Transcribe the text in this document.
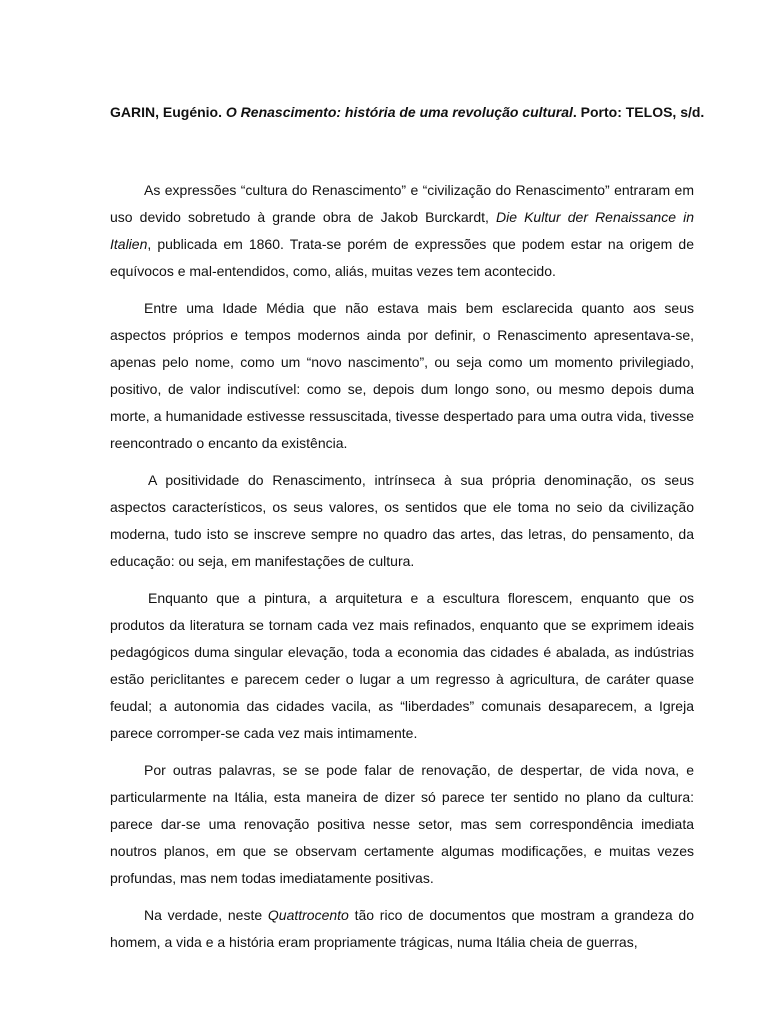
GARIN, Eugénio. O Renascimento: história de uma revolução cultural. Porto: TELOS, s/d.

As expressões “cultura do Renascimento” e “civilização do Renascimento” entraram em uso devido sobretudo à grande obra de Jakob Burckardt, Die Kultur der Renaissance in Italien, publicada em 1860. Trata-se porém de expressões que podem estar na origem de equívocos e mal-entendidos, como, aliás, muitas vezes tem acontecido.

Entre uma Idade Média que não estava mais bem esclarecida quanto aos seus aspectos próprios e tempos modernos ainda por definir, o Renascimento apresentava-se, apenas pelo nome, como um “novo nascimento”, ou seja como um momento privilegiado, positivo, de valor indiscutível: como se, depois dum longo sono, ou mesmo depois duma morte, a humanidade estivesse ressuscitada, tivesse despertado para uma outra vida, tivesse reencontrado o encanto da existência.

A positividade do Renascimento, intrínseca à sua própria denominação, os seus aspectos característicos, os seus valores, os sentidos que ele toma no seio da civilização moderna, tudo isto se inscreve sempre no quadro das artes, das letras, do pensamento, da educação: ou seja, em manifestações de cultura.

Enquanto que a pintura, a arquitetura e a escultura florescem, enquanto que os produtos da literatura se tornam cada vez mais refinados, enquanto que se exprimem ideais pedagógicos duma singular elevação, toda a economia das cidades é abalada, as indústrias estão periclitantes e parecem ceder o lugar a um regresso à agricultura, de caráter quase feudal; a autonomia das cidades vacila, as “liberdades” comunais desaparecem, a Igreja parece corromper-se cada vez mais intimamente.

Por outras palavras, se se pode falar de renovação, de despertar, de vida nova, e particularmente na Itália, esta maneira de dizer só parece ter sentido no plano da cultura: parece dar-se uma renovação positiva nesse setor, mas sem correspondência imediata noutros planos, em que se observam certamente algumas modificações, e muitas vezes profundas, mas nem todas imediatamente positivas.

Na verdade, neste Quattrocento tão rico de documentos que mostram a grandeza do homem, a vida e a história eram propriamente trágicas, numa Itália cheia de guerras,
